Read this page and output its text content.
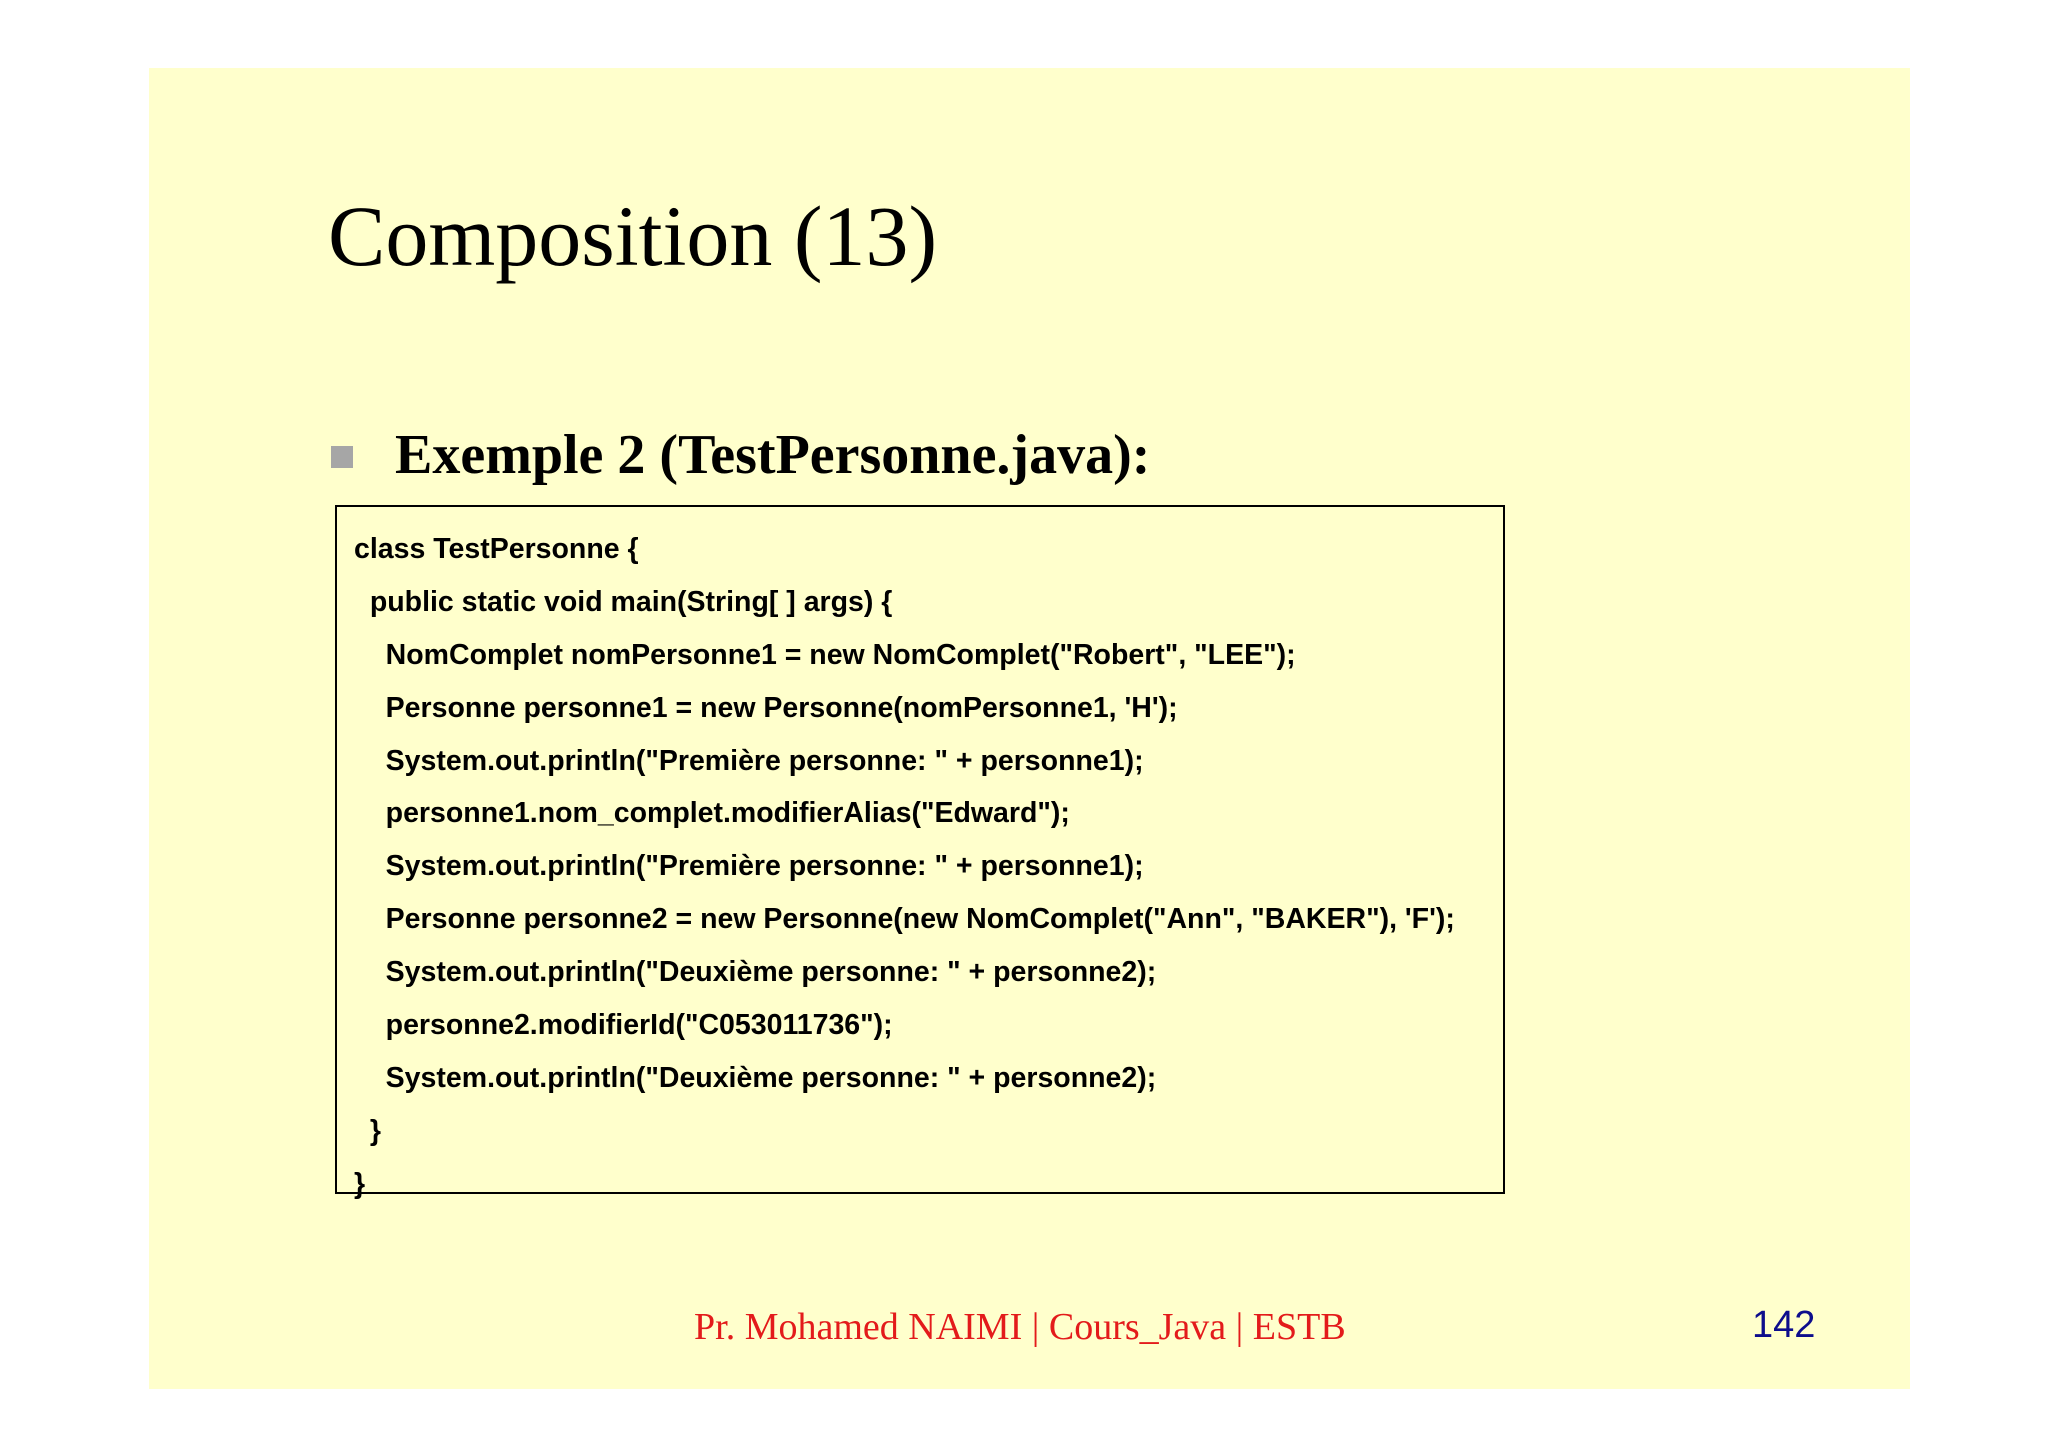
Composition (13)
Exemple 2 (TestPersonne.java):
class TestPersonne {
public static void main(String[ ] args) {
NomComplet nomPersonne1 = new NomComplet("Robert", "LEE");
Personne personne1 = new Personne(nomPersonne1, 'H');
System.out.println("Première personne: " + personne1);
personne1.nom_complet.modifierAlias("Edward");
System.out.println("Première personne: " + personne1);
Personne personne2 = new Personne(new NomComplet("Ann", "BAKER"), 'F');
System.out.println("Deuxième personne: " + personne2);
personne2.modifierId("C053011736");
System.out.println("Deuxième personne: " + personne2);
}
}
Pr. Mohamed NAIMI | Cours_Java | ESTB	142
